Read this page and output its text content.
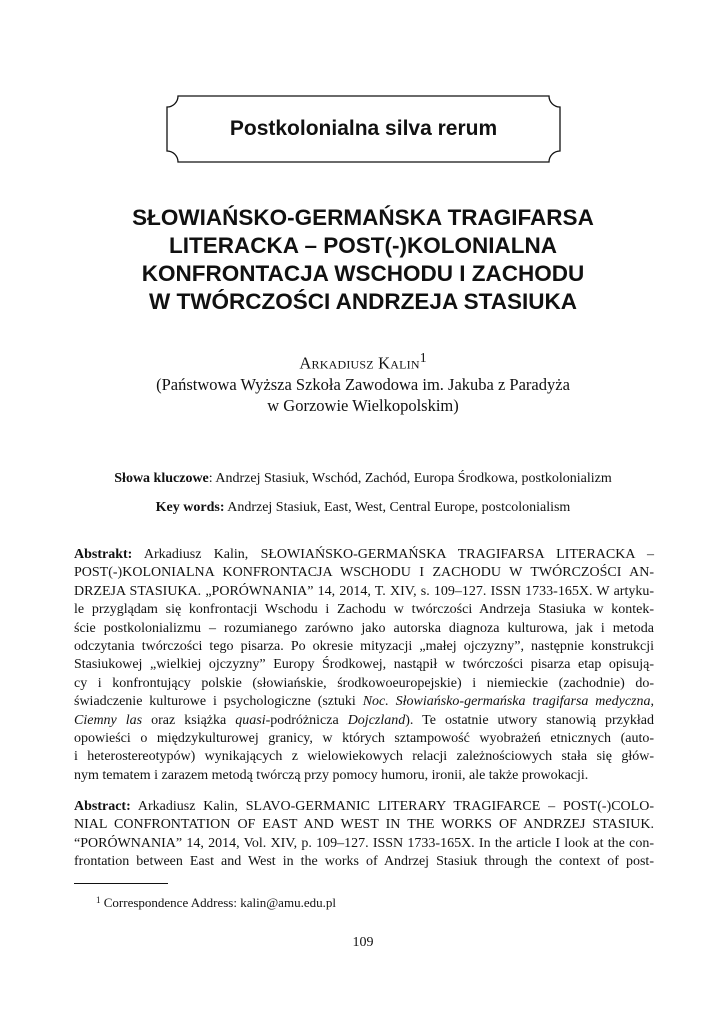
Postkolonialna silva rerum
SŁOWIAŃSKO-GERMAŃSKA TRAGIFARSA
LITERACKA – POST(-)KOLONIALNA
KONFRONTACJA WSCHODU I ZACHODU
W TWÓRCZOŚCI ANDRZEJA STASIUKA
Arkadiusz Kalin$^1$
(Państwowa Wyższa Szkoła Zawodowa im. Jakuba z Paradyża
w Gorzowie Wielkopolskim)
Słowa kluczowe: Andrzej Stasiuk, Wschód, Zachód, Europa Środkowa, postkolonializm
Key words: Andrzej Stasiuk, East, West, Central Europe, postcolonialism
Abstrakt: Arkadiusz Kalin, SŁOWIAŃSKO-GERMAŃSKA TRAGIFARSA LITERACKA –
POST(-)KOLONIALNA KONFRONTACJA WSCHODU I ZACHODU W TWÓRCZOŚCI AN-
DRZEJA STASIUKA. „PORÓWNANIA” 14, 2014, T. XIV, s. 109–127. ISSN 1733-165X. W artyku-
le przyglądam się konfrontacji Wschodu i Zachodu w twórczości Andrzeja Stasiuka w kontek-
ście postkolonializmu – rozumianego zarówno jako autorska diagnoza kulturowa, jak i metoda
odczytania twórczości tego pisarza. Po okresie mityzacji „małej ojczyzny”, następnie konstrukcji
Stasiukowej „wielkiej ojczyzny” Europy Środkowej, nastąpił w twórczości pisarza etap opisują-
cy i konfrontujący polskie (słowiańskie, środkowoeuropejskie) i niemieckie (zachodnie) do-
świadczenie kulturowe i psychologiczne (sztuki Noc. Słowiańsko-germańska tragifarsa medyczna,
Ciemny las oraz książka quasi-podróżnicza Dojczland). Te ostatnie utwory stanowią przykład
opowieści o międzykulturowej granicy, w których sztampowość wyobrażeń etnicznych (auto-
i heterostereotypów) wynikających z wielowiekowych relacji zależnościowych stała się głów-
nym tematem i zarazem metodą twórczą przy pomocy humoru, ironii, ale także prowokacji.
Abstract: Arkadiusz Kalin, SLAVO-GERMANIC LITERARY TRAGIFARCE – POST(-)COLO-
NIAL CONFRONTATION OF EAST AND WEST IN THE WORKS OF ANDRZEJ STASIUK.
“PORÓWNANIA” 14, 2014, Vol. XIV, p. 109–127. ISSN 1733-165X. In the article I look at the con-
frontation between East and West in the works of Andrzej Stasiuk through the context of post-
$^1$ Correspondence Address: kalin@amu.edu.pl
109
